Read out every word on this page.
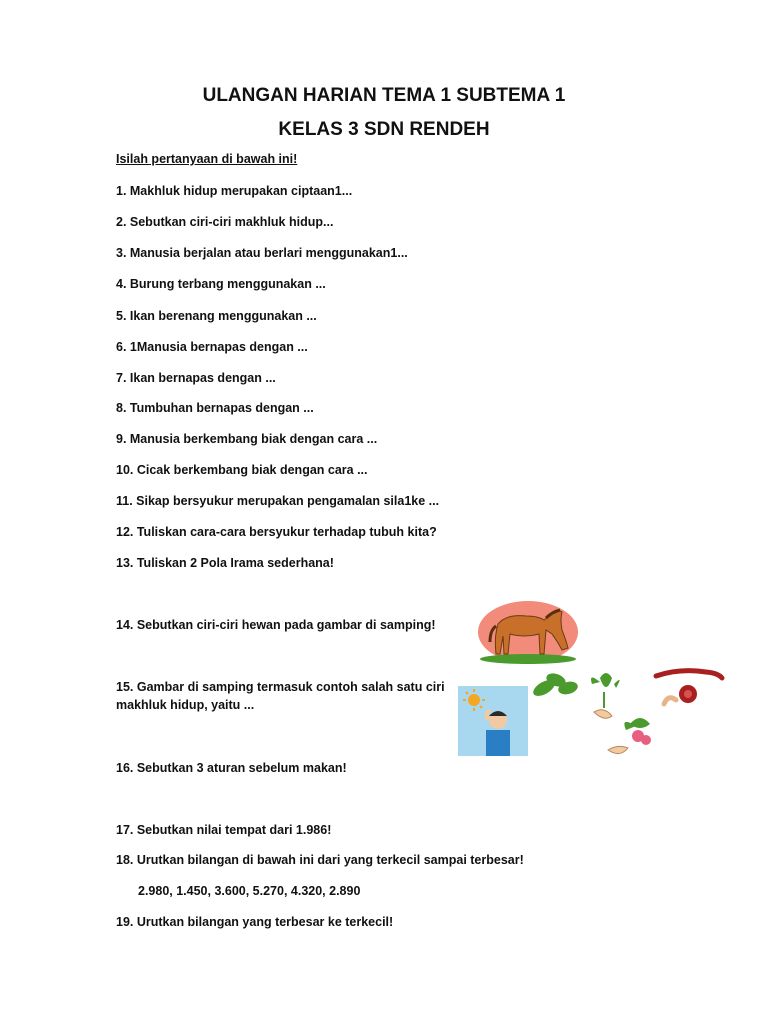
ULANGAN HARIAN TEMA 1 SUBTEMA 1
KELAS 3 SDN RENDEH
Isilah pertanyaan di bawah ini!
1. Makhluk hidup merupakan ciptaan1...
2. Sebutkan ciri-ciri makhluk hidup...
3. Manusia berjalan atau berlari menggunakan1...
4. Burung terbang menggunakan ...
5. Ikan berenang menggunakan ...
6. 1Manusia bernapas dengan ...
7. Ikan bernapas dengan ...
8. Tumbuhan bernapas dengan ...
9. Manusia berkembang biak dengan cara ...
10. Cicak berkembang biak dengan cara ...
11. Sikap bersyukur merupakan pengamalan sila1ke ...
12. Tuliskan cara-cara bersyukur terhadap tubuh kita?
13. Tuliskan 2 Pola Irama sederhana!
14. Sebutkan ciri-ciri hewan pada gambar di samping!
15. Gambar di samping termasuk contoh salah satu ciri makhluk hidup, yaitu ...
16. Sebutkan 3 aturan sebelum makan!
17. Sebutkan nilai tempat dari 1.986!
18. Urutkan bilangan di bawah ini dari yang terkecil sampai terbesar!
2.980, 1.450, 3.600, 5.270, 4.320, 2.890
19. Urutkan bilangan yang terbesar ke terkecil!
